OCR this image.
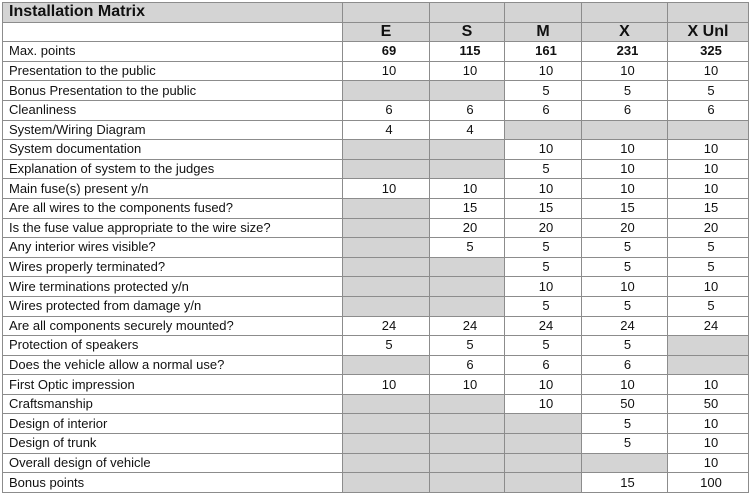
Installation Matrix					
	E	S	M	X	X Unl
Max. points	69	115	161	231	325
Presentation to the public	10	10	10	10	10
Bonus Presentation to the public			5	5	5
Cleanliness	6	6	6	6	6
System/Wiring Diagram	4	4			
System documentation			10	10	10
Explanation of system to the judges			5	10	10
Main fuse(s) present y/n	10	10	10	10	10
Are all wires to the components fused?		15	15	15	15
Is the fuse value appropriate to the wire size?		20	20	20	20
Any interior wires visible?		5	5	5	5
Wires properly terminated?			5	5	5
Wire terminations protected y/n			10	10	10
Wires protected from damage y/n			5	5	5
Are all components securely mounted?	24	24	24	24	24
Protection of speakers	5	5	5	5	
Does the vehicle allow a normal use?		6	6	6	
First Optic impression	10	10	10	10	10
Craftsmanship			10	50	50
Design of interior				5	10
Design of trunk				5	10
Overall design of vehicle					10
Bonus points				15	100
